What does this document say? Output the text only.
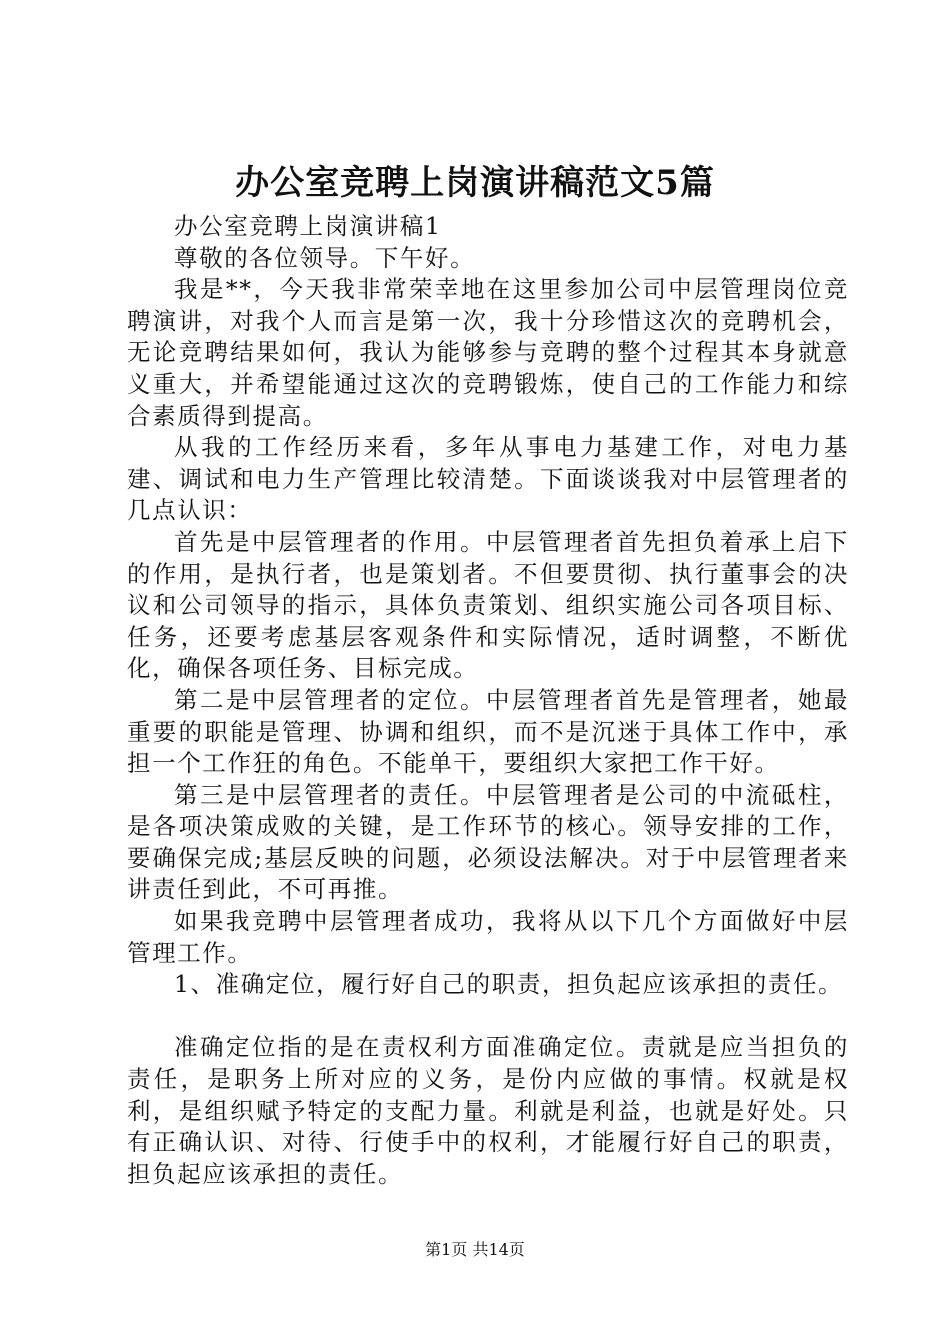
办公室竞聘上岗演讲稿范文5篇

办公室竞聘上岗演讲稿1

尊敬的各位领导。下午好。

我是**，今天我非常荣幸地在这里参加公司中层管理岗位竞聘演讲，对我个人而言是第一次，我十分珍惜这次的竞聘机会，无论竞聘结果如何，我认为能够参与竞聘的整个过程其本身就意义重大，并希望能通过这次的竞聘锻炼，使自己的工作能力和综合素质得到提高。

从我的工作经历来看，多年从事电力基建工作，对电力基建、调试和电力生产管理比较清楚。下面谈谈我对中层管理者的几点认识：

首先是中层管理者的作用。中层管理者首先担负着承上启下的作用，是执行者，也是策划者。不但要贯彻、执行董事会的决议和公司领导的指示，具体负责策划、组织实施公司各项目标、任务，还要考虑基层客观条件和实际情况，适时调整，不断优化，确保各项任务、目标完成。

第二是中层管理者的定位。中层管理者首先是管理者，她最重要的职能是管理、协调和组织，而不是沉迷于具体工作中，承担一个工作狂的角色。不能单干，要组织大家把工作干好。

第三是中层管理者的责任。中层管理者是公司的中流砥柱，是各项决策成败的关键，是工作环节的核心。领导安排的工作，要确保完成;基层反映的问题，必须设法解决。对于中层管理者来讲责任到此，不可再推。

如果我竞聘中层管理者成功，我将从以下几个方面做好中层管理工作。

1、准确定位，履行好自己的职责，担负起应该承担的责任。

准确定位指的是在责权利方面准确定位。责就是应当担负的责任，是职务上所对应的义务，是份内应做的事情。权就是权利，是组织赋予特定的支配力量。利就是利益，也就是好处。只有正确认识、对待、行使手中的权利，才能履行好自己的职责，担负起应该承担的责任。

第1页 共14页
